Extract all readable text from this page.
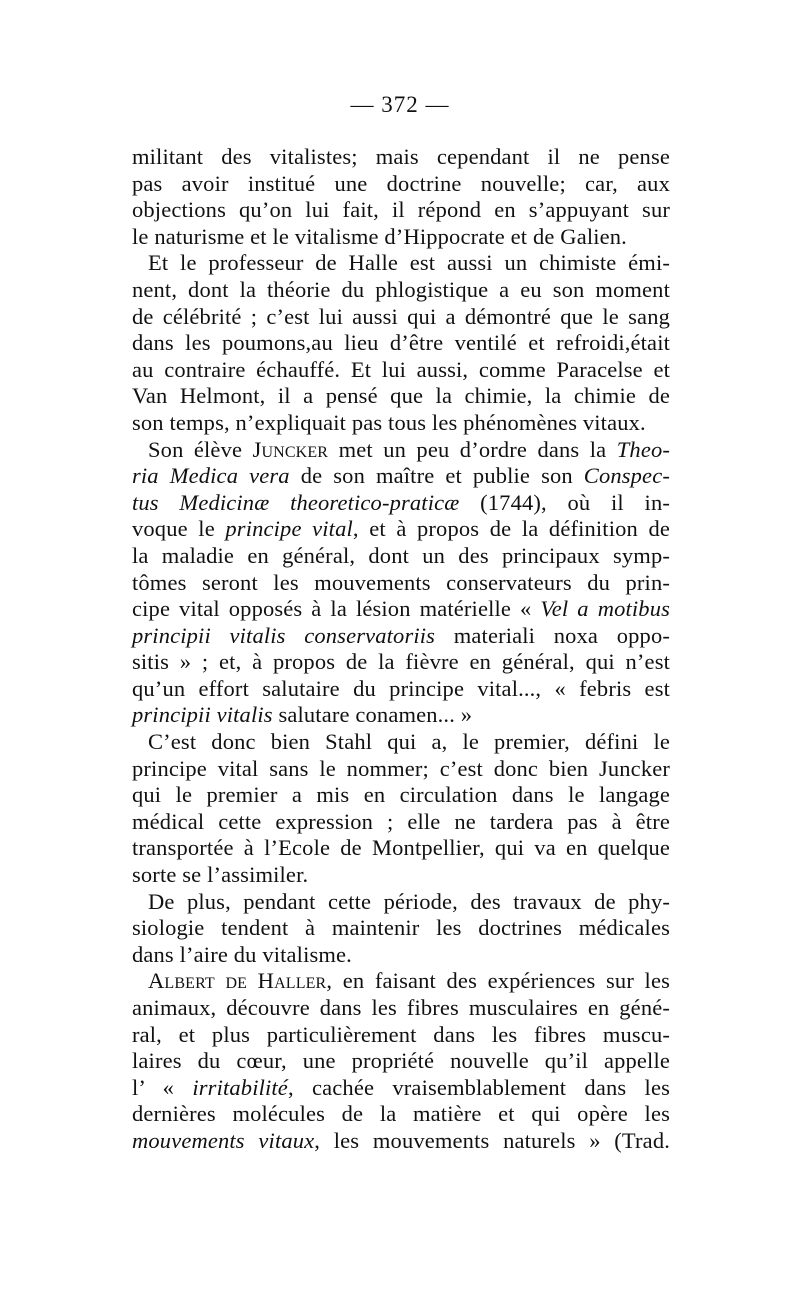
— 372 —
militant des vitalistes; mais cependant il ne pense
pas avoir institué une doctrine nouvelle; car, aux
objections qu’on lui fait, il répond en s’appuyant sur
le naturisme et le vitalisme d’Hippocrate et de Galien.
Et le professeur de Halle est aussi un chimiste émi-
nent, dont la théorie du phlogistique a eu son moment
de célébrité ; c’est lui aussi qui a démontré que le sang
dans les poumons,au lieu d’être ventilé et refroidi,était
au contraire échauffé. Et lui aussi, comme Paracelse et
Van Helmont, il a pensé que la chimie, la chimie de
son temps, n’expliquait pas tous les phénomènes vitaux.
Son élève Juncker met un peu d’ordre dans la Theo-
ria Medica vera de son maître et publie son Conspec-
tus Medicinæ theoretico-praticæ (1744), où il in-
voque le principe vital, et à propos de la définition de
la maladie en général, dont un des principaux symp-
tômes seront les mouvements conservateurs du prin-
cipe vital opposés à la lésion matérielle « Vel a motibus
principii vitalis conservatoriis materiali noxa oppo-
sitis » ; et, à propos de la fièvre en général, qui n’est
qu’un effort salutaire du principe vital..., « febris est
principii vitalis salutare conamen... »
C’est donc bien Stahl qui a, le premier, défini le
principe vital sans le nommer; c’est donc bien Juncker
qui le premier a mis en circulation dans le langage
médical cette expression ; elle ne tardera pas à être
transportée à l’Ecole de Montpellier, qui va en quelque
sorte se l’assimiler.
De plus, pendant cette période, des travaux de phy-
siologie tendent à maintenir les doctrines médicales
dans l’aire du vitalisme.
Albert de Haller, en faisant des expériences sur les
animaux, découvre dans les fibres musculaires en géné-
ral, et plus particulièrement dans les fibres muscu-
laires du cœur, une propriété nouvelle qu’il appelle
l’ « irritabilité, cachée vraisemblablement dans les
dernières molécules de la matière et qui opère les
mouvements vitaux, les mouvements naturels » (Trad.
